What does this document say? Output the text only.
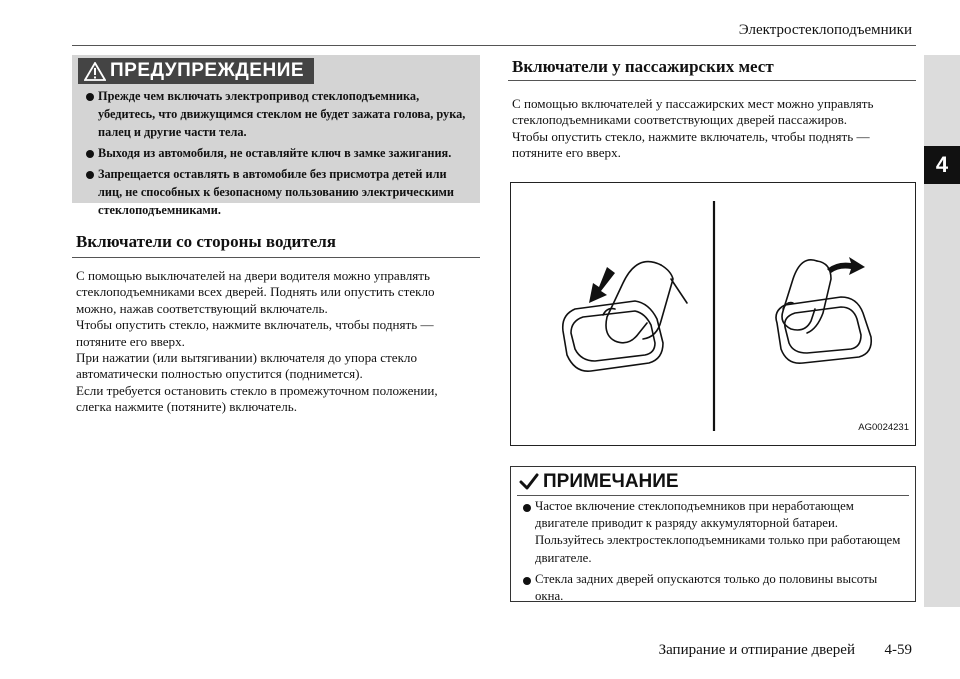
Электростеклоподъемники
4
ПРЕДУПРЕЖДЕНИЕ
Прежде чем включать электропривод стеклоподъемника, убедитесь, что движущимся стеклом не будет зажата голова, рука, палец и другие части тела.
Выходя из автомобиля, не оставляйте ключ в замке зажигания.
Запрещается оставлять в автомобиле без присмотра детей или лиц, не способных к безопасному пользованию электрическими стеклоподъемниками.
Включатели со стороны водителя
С помощью выключателей на двери водителя можно управлять
стеклоподъемниками всех дверей. Поднять или опустить стекло
можно, нажав соответствующий включатель.
Чтобы опустить стекло, нажмите включатель, чтобы поднять —
потяните его вверх.
При нажатии (или вытягивании) включателя до упора стекло
автоматически полностью опустится (поднимется).
Если требуется остановить стекло в промежуточном положении,
слегка нажмите (потяните) включатель.
Включатели у пассажирских мест
С помощью включателей у пассажирских мест можно управлять
стеклоподъемниками соответствующих дверей пассажиров.
Чтобы опустить стекло, нажмите включатель, чтобы поднять —
потяните его вверх.
AG0024231
ПРИМЕЧАНИЕ
Частое включение стеклоподъемников при неработающем двигателе приводит к разряду аккумуляторной батареи. Пользуйтесь электростеклоподъемниками только при работающем двигателе.
Стекла задних дверей опускаются только до половины высоты окна.
Запирание и отпирание дверей 4-59
